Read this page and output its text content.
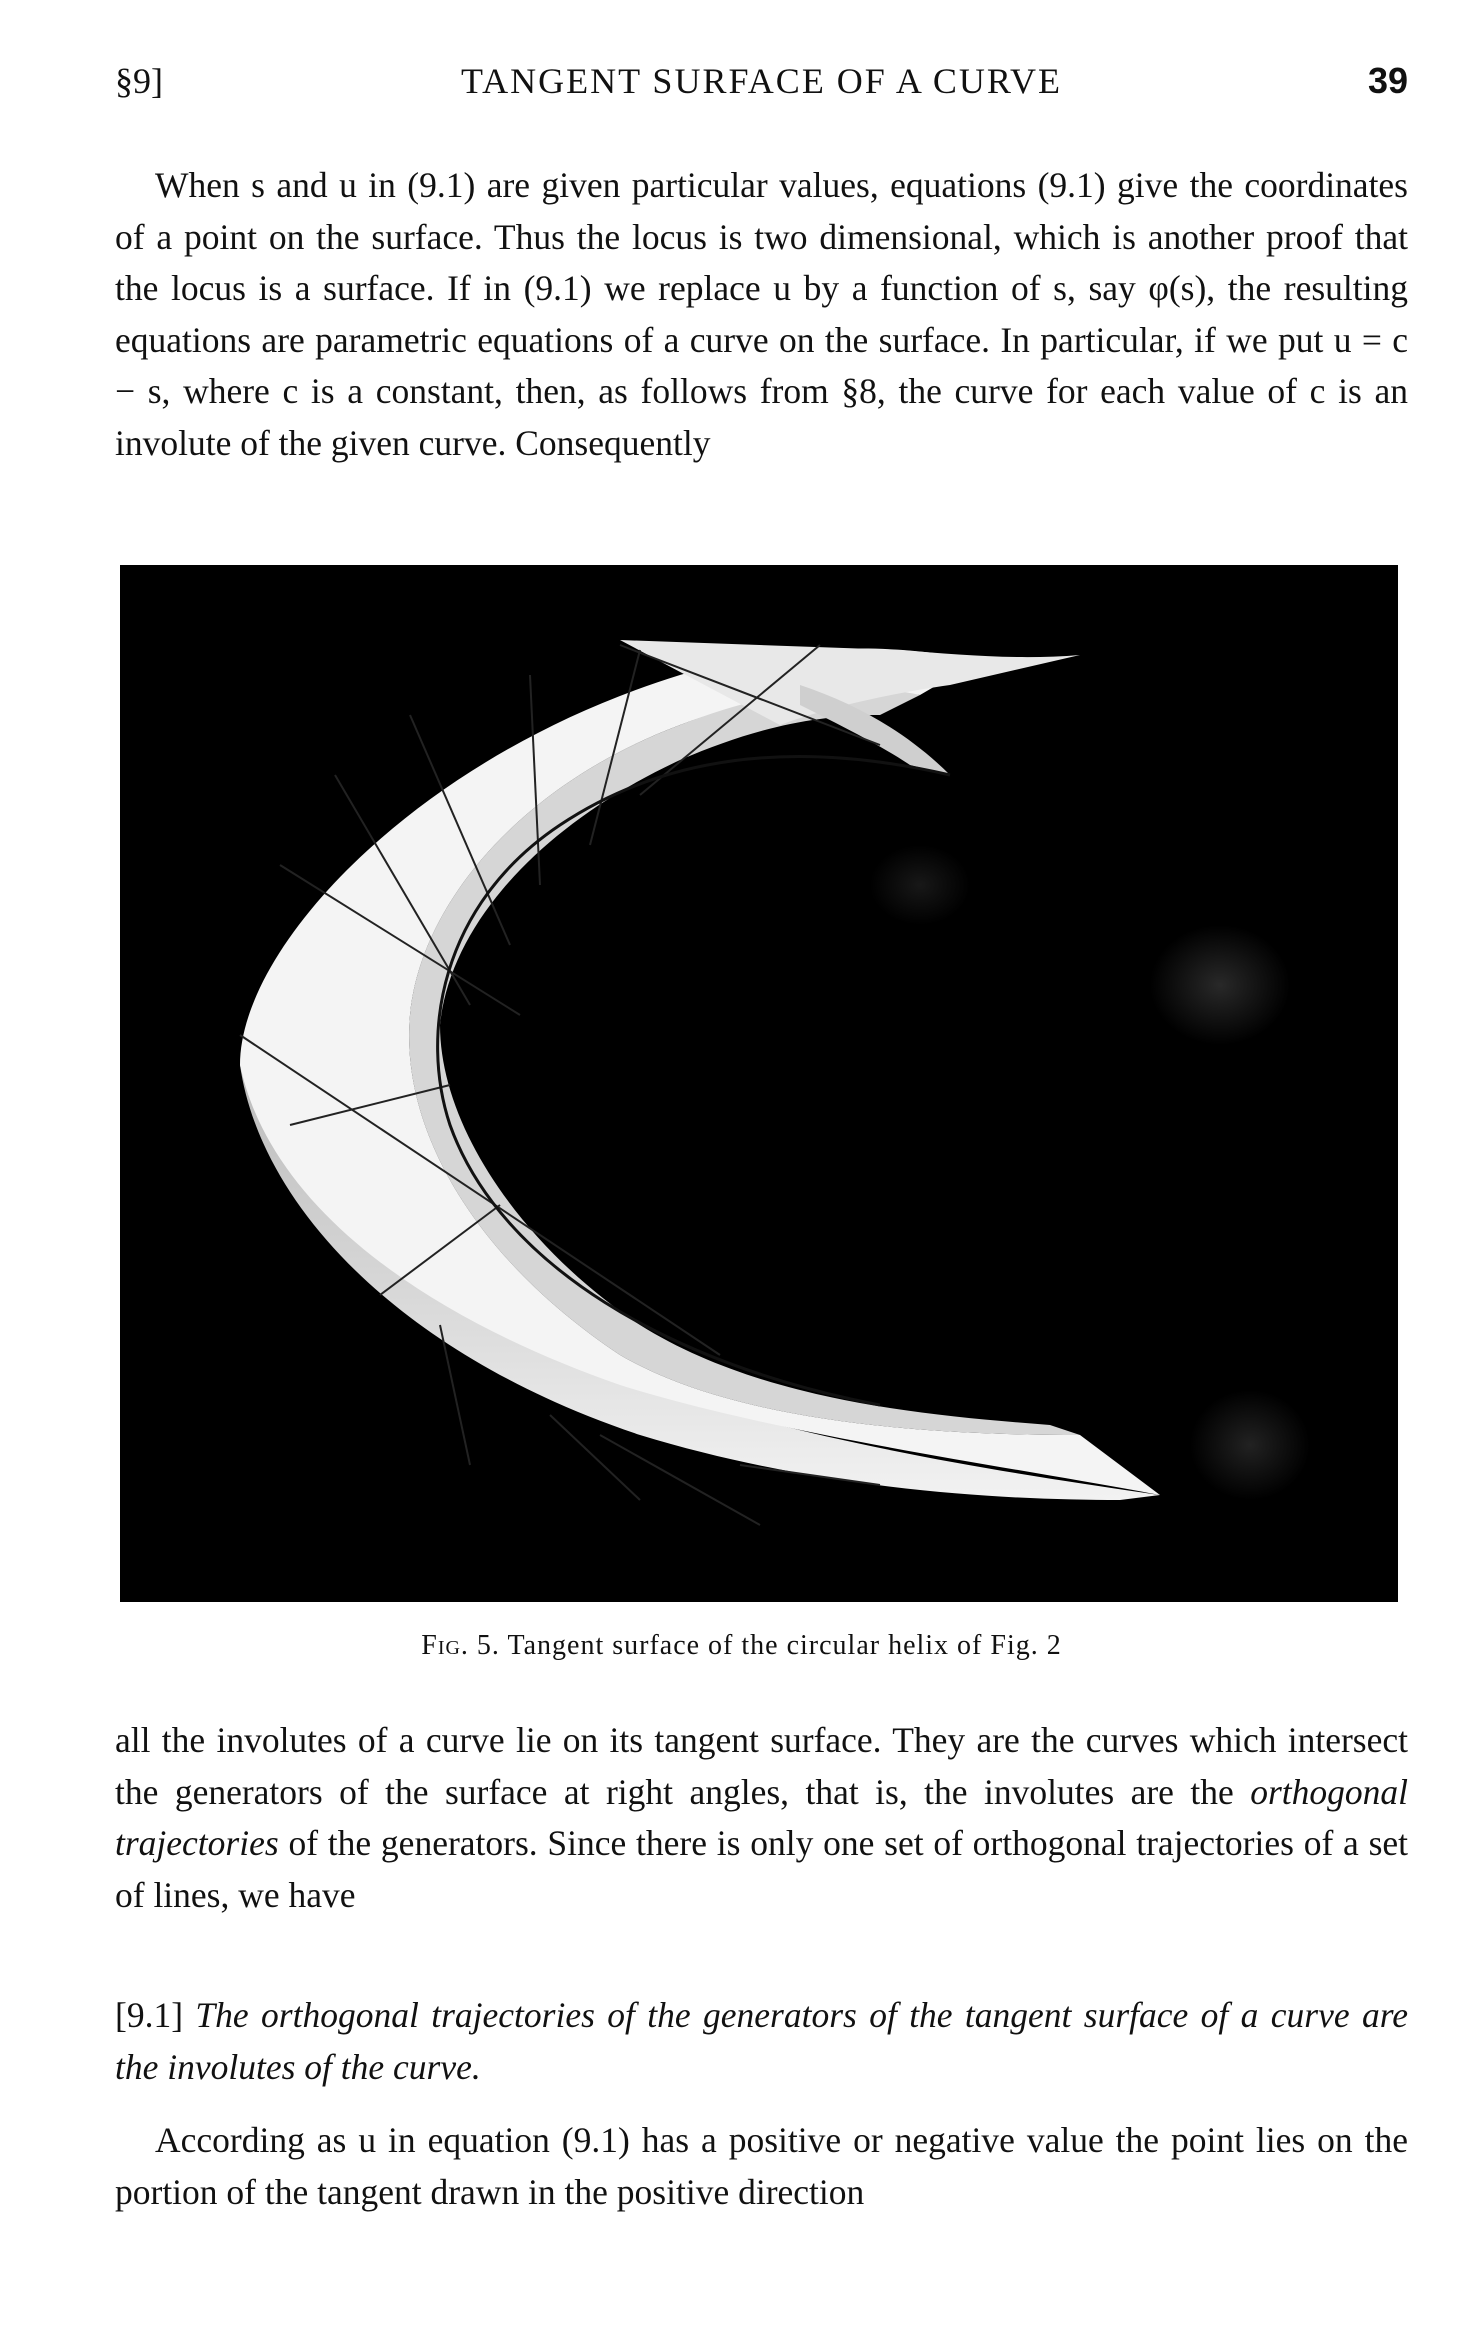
§9]	TANGENT SURFACE OF A CURVE	39

When s and u in (9.1) are given particular values, equations (9.1) give the coordinates of a point on the surface. Thus the locus is two dimensional, which is another proof that the locus is a surface. If in (9.1) we replace u by a function of s, say φ(s), the resulting equations are parametric equations of a curve on the surface. In particular, if we put u = c − s, where c is a constant, then, as follows from §8, the curve for each value of c is an involute of the given curve. Consequently

Fig. 5. Tangent surface of the circular helix of Fig. 2

all the involutes of a curve lie on its tangent surface. They are the curves which intersect the generators of the surface at right angles, that is, the involutes are the orthogonal trajectories of the generators. Since there is only one set of orthogonal trajectories of a set of lines, we have

[9.1] The orthogonal trajectories of the generators of the tangent surface of a curve are the involutes of the curve.

According as u in equation (9.1) has a positive or negative value the point lies on the portion of the tangent drawn in the positive direction
